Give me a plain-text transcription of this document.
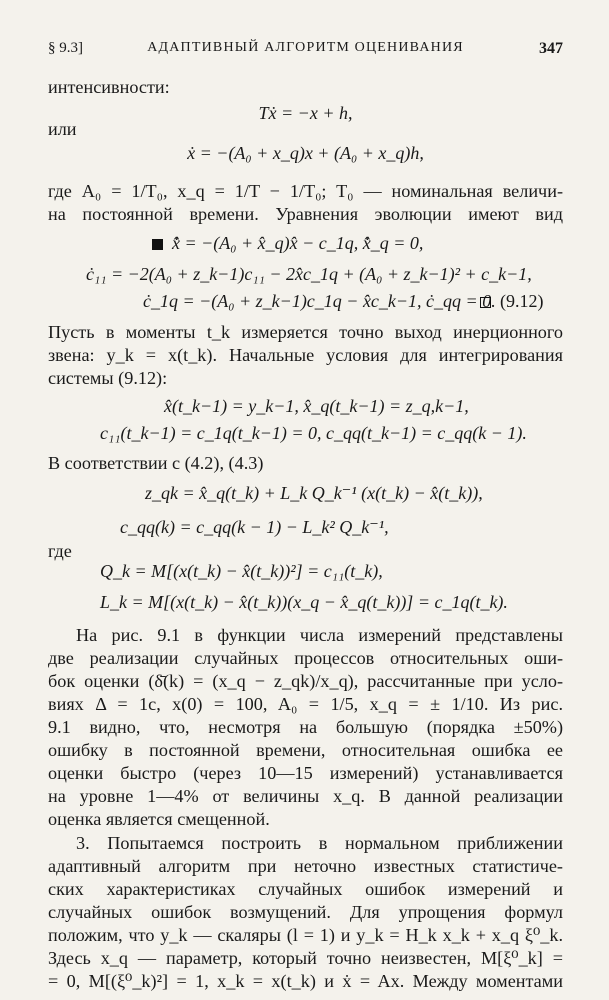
§ 9.3]	АДАПТИВНЫЙ АЛГОРИТМ ОЦЕНИВАНИЯ	347
интенсивности:
Tẋ = −x + h,
или
ẋ = −(A₀ + x_q)x + (A₀ + x_q)h,
где A₀ = 1/T₀, x_q = 1/T − 1/T₀; T₀ — номинальная величи-
на постоянной времени. Уравнения эволюции имеют вид
x̂̇ = −(A₀ + x̂_q)x̂ − c_1q, x̂̇_q = 0,
ċ₁₁ = −2(A₀ + z_k−1)c₁₁ − 2x̂c_1q + (A₀ + z_k−1)² + c_k−1,
ċ_1q = −(A₀ + z_k−1)c_1q − x̂c_k−1, ċ_qq = 0. (9.12)
Пусть в моменты t_k измеряется точно выход инерционного
звена: y_k = x(t_k). Начальные условия для интегрирования
системы (9.12):
x̂(t_k−1) = y_k−1, x̂_q(t_k−1) = z_q,k−1,
c₁₁(t_k−1) = c_1q(t_k−1) = 0, c_qq(t_k−1) = c_qq(k − 1).
В соответствии с (4.2), (4.3)
z_qk = x̂_q(t_k) + L_k Q_k⁻¹ (x(t_k) − x̂(t_k)),
c_qq(k) = c_qq(k − 1) − L_k² Q_k⁻¹,
где
Q_k = M[(x(t_k) − x̂(t_k))²] = c₁₁(t_k),
L_k = M[(x(t_k) − x̂(t_k))(x_q − x̂_q(t_k))] = c_1q(t_k).
На рис. 9.1 в функции числа измерений представлены
две реализации случайных процессов относительных оши-
бок оценки (δ̄(k) = (x_q − z_qk)/x_q), рассчитанные при усло-
виях Δ = 1с, x(0) = 100, A₀ = 1/5, x_q = ± 1/10. Из рис.
9.1 видно, что, несмотря на большую (порядка ±50%)
ошибку в постоянной времени, относительная ошибка ее
оценки быстро (через 10—15 измерений) устанавливается
на уровне 1—4% от величины x_q. В данной реализации
оценка является смещенной.
3. Попытаемся построить в нормальном приближении
адаптивный алгоритм при неточно известных статистиче-
ских характеристиках случайных ошибок измерений и
случайных ошибок возмущений. Для упрощения формул
положим, что y_k — скаляры (l = 1) и y_k = H_k x_k + x_q ξ⁰_k.
Здесь x_q — параметр, который точно неизвестен, M[ξ⁰_k] =
= 0, M[(ξ⁰_k)²] = 1, x_k = x(t_k) и ẋ = Ax. Между моментами
